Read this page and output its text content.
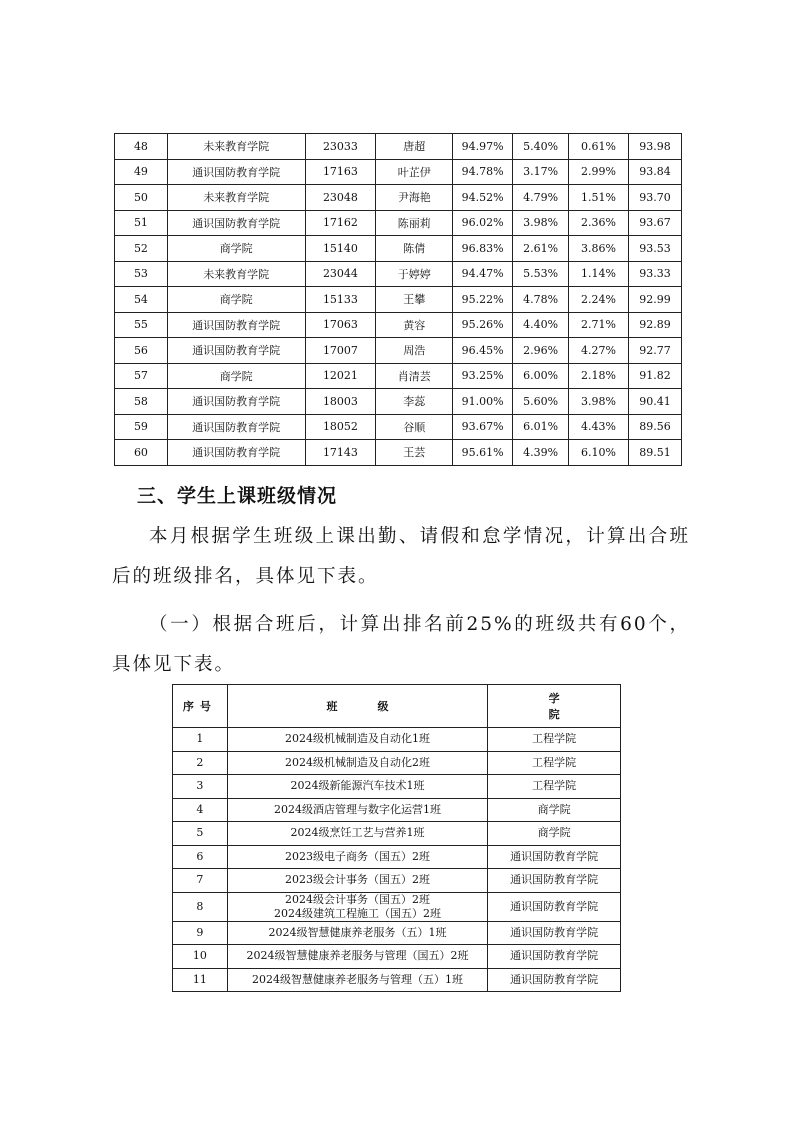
48	未来教育学院	23033	唐超	94.97%	5.40%	0.61%	93.98
49	通识国防教育学院	17163	叶芷伊	94.78%	3.17%	2.99%	93.84
50	未来教育学院	23048	尹海艳	94.52%	4.79%	1.51%	93.70
51	通识国防教育学院	17162	陈丽莉	96.02%	3.98%	2.36%	93.67
52	商学院	15140	陈倩	96.83%	2.61%	3.86%	93.53
53	未来教育学院	23044	于婷婷	94.47%	5.53%	1.14%	93.33
54	商学院	15133	王攀	95.22%	4.78%	2.24%	92.99
55	通识国防教育学院	17063	黄容	95.26%	4.40%	2.71%	92.89
56	通识国防教育学院	17007	周浩	96.45%	2.96%	4.27%	92.77
57	商学院	12021	肖清芸	93.25%	6.00%	2.18%	91.82
58	通识国防教育学院	18003	李蕊	91.00%	5.60%	3.98%	90.41
59	通识国防教育学院	18052	谷顺	93.67%	6.01%	4.43%	89.56
60	通识国防教育学院	17143	王芸	95.61%	4.39%	6.10%	89.51
三、学生上课班级情况

本月根据学生班级上课出勤、请假和怠学情况，计算出合班后的班级排名，具体见下表。

（一）根据合班后，计算出排名前25%的班级共有60个，具体见下表。

序号	班级	学院
1	2024级机械制造及自动化1班	工程学院
2	2024级机械制造及自动化2班	工程学院
3	2024级新能源汽车技术1班	工程学院
4	2024级酒店管理与数字化运营1班	商学院
5	2024级烹饪工艺与营养1班	商学院
6	2023级电子商务（国五）2班	通识国防教育学院
7	2023级会计事务（国五）2班	通识国防教育学院
8	2024级会计事务（国五）2班
2024级建筑工程施工（国五）2班	通识国防教育学院
9	2024级智慧健康养老服务（五）1班	通识国防教育学院
10	2024级智慧健康养老服务与管理（国五）2班	通识国防教育学院
11	2024级智慧健康养老服务与管理（五）1班	通识国防教育学院
